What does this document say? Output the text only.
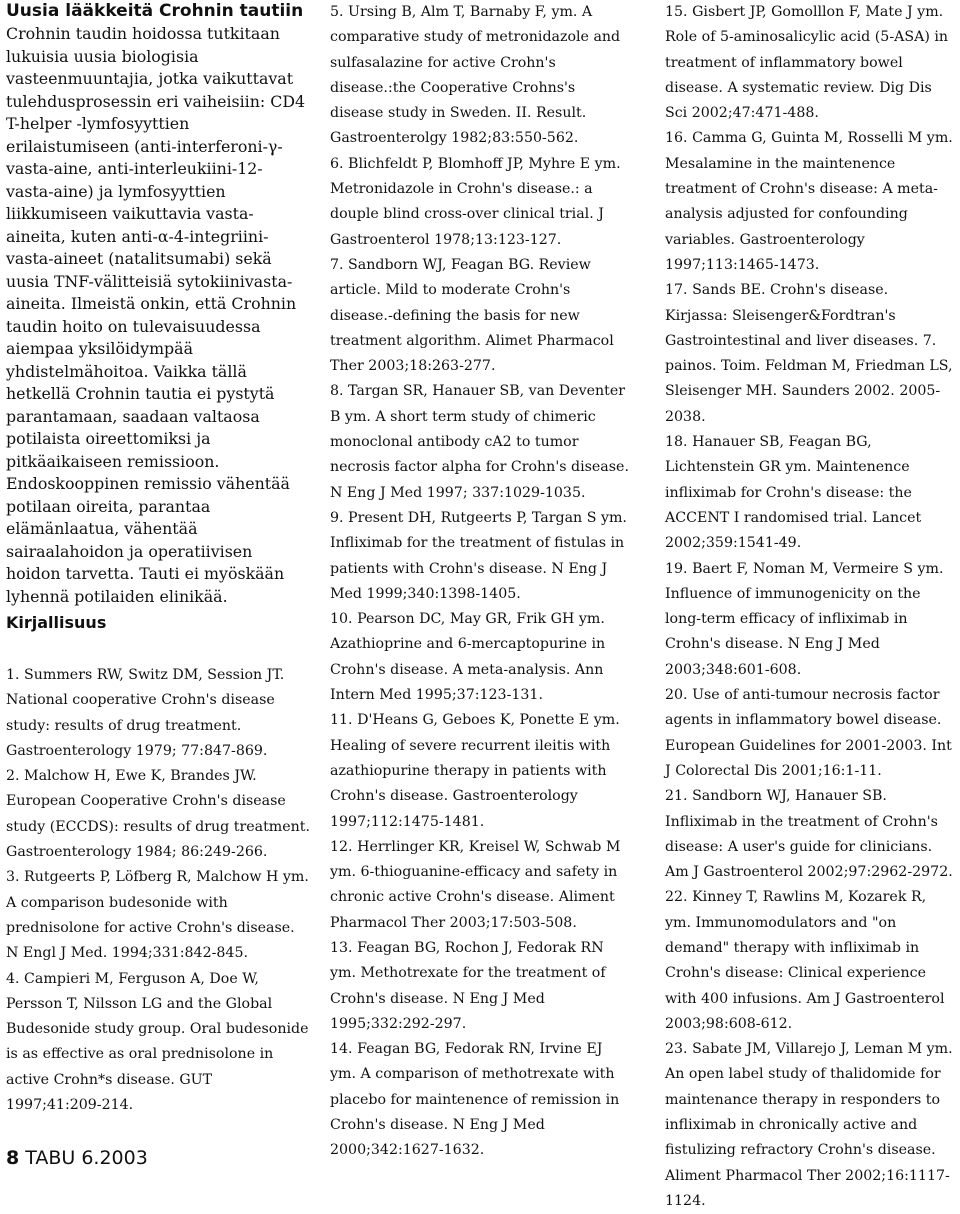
Uusia lääkkeitä Crohnin tautiin

Crohnin taudin hoidossa tutkitaan lukuisia uusia biologisia vasteenmuuntajia, jotka vaikuttavat tulehdusprosessin eri vaiheisiin: CD4 T-helper -lymfosyyttien erilaistumiseen (anti-interferoni-γ-vasta-aine, anti-interleukiini-12-vasta-aine) ja lymfosyyttien liikkumiseen vaikuttavia vasta-aineita, kuten anti-α-4-integriini-vasta-aineet (natalitsumabi) sekä uusia TNF-välitteisiä sytokiinivasta-aineita. Ilmeistä onkin, että Crohnin taudin hoito on tulevaisuudessa aiempaa yksilöidympää yhdistelmähoitoa. Vaikka tällä hetkellä Crohnin tautia ei pystytä parantamaan, saadaan valtaosa potilaista oireettomiksi ja pitkäaikaiseen remissioon. Endoskooppinen remissio vähentää potilaan oireita, parantaa elämänlaatua, vähentää sairaalahoidon ja operatiivisen hoidon tarvetta. Tauti ei myöskään lyhennä potilaiden elinikää.

Kirjallisuus

1. Summers RW, Switz DM, Session JT. National cooperative Crohn's disease study: results of drug treatment. Gastroenterology 1979; 77:847-869.

2. Malchow H, Ewe K, Brandes JW. European Cooperative Crohn's disease study (ECCDS): results of drug treatment. Gastroenterology 1984; 86:249-266.

3. Rutgeerts P, Löfberg R, Malchow H ym. A comparison budesonide with prednisolone for active Crohn's disease. N Engl J Med. 1994;331:842-845.

4. Campieri M, Ferguson A, Doe W, Persson T, Nilsson LG and the Global Budesonide study group. Oral budesonide is as effective as oral prednisolone in active Crohn*s disease. GUT 1997;41:209-214.

5. Ursing B, Alm T, Barnaby F, ym. A comparative study of metronidazole and sulfasalazine for active Crohn's disease.:the Cooperative Crohns's disease study in Sweden. II. Result. Gastroenterolgy 1982;83:550-562.

6. Blichfeldt P, Blomhoff JP, Myhre E ym. Metronidazole in Crohn's disease.: a douple blind cross-over clinical trial. J Gastroenterol 1978;13:123-127.

7. Sandborn WJ, Feagan BG. Review article. Mild to moderate Crohn's disease.-defining the basis for new treatment algorithm. Alimet Pharmacol Ther 2003;18:263-277.

8. Targan SR, Hanauer SB, van Deventer B ym. A short term study of chimeric monoclonal antibody cA2 to tumor necrosis factor alpha for Crohn's disease. N Eng J Med 1997; 337:1029-1035.

9. Present DH, Rutgeerts P, Targan S ym. Infliximab for the treatment of fistulas in patients with Crohn's disease. N Eng J Med 1999;340:1398-1405.

10. Pearson DC, May GR, Frik GH ym. Azathioprine and 6-mercaptopurine in Crohn's disease. A meta-analysis. Ann Intern Med 1995;37:123-131.

11. D'Heans G, Geboes K, Ponette E ym. Healing of severe recurrent ileitis with azathiopurine therapy in patients with Crohn's disease. Gastroenterology 1997;112:1475-1481.

12. Herrlinger KR, Kreisel W, Schwab M ym. 6-thioguanine-efficacy and safety in chronic active Crohn's disease. Aliment Pharmacol Ther 2003;17:503-508.

13. Feagan BG, Rochon J, Fedorak RN ym. Methotrexate for the treatment of Crohn's disease. N Eng J Med 1995;332:292-297.

14. Feagan BG, Fedorak RN, Irvine EJ ym. A comparison of methotrexate with placebo for maintenence of remission in Crohn's disease. N Eng J Med 2000;342:1627-1632.

15. Gisbert JP, Gomolllon F, Mate J ym. Role of 5-aminosalicylic acid (5-ASA) in treatment of inflammatory bowel disease. A systematic review. Dig Dis Sci 2002;47:471-488.

16. Camma G, Guinta M, Rosselli M ym. Mesalamine in the maintenence treatment of Crohn's disease: A meta-analysis adjusted for confounding variables. Gastroenterology 1997;113:1465-1473.

17. Sands BE. Crohn's disease. Kirjassa: Sleisenger&Fordtran's Gastrointestinal and liver diseases. 7. painos. Toim. Feldman M, Friedman LS, Sleisenger MH. Saunders 2002. 2005-2038.

18. Hanauer SB, Feagan BG, Lichtenstein GR ym. Maintenence infliximab for Crohn's disease: the ACCENT I randomised trial. Lancet 2002;359:1541-49.

19. Baert F, Noman M, Vermeire S ym. Influence of immunogenicity on the long-term efficacy of infliximab in Crohn's disease. N Eng J Med 2003;348:601-608.

20. Use of anti-tumour necrosis factor agents in inflammatory bowel disease. European Guidelines for 2001-2003. Int J Colorectal Dis 2001;16:1-11.

21. Sandborn WJ, Hanauer SB. Infliximab in the treatment of Crohn's disease: A user's guide for clinicians. Am J Gastroenterol 2002;97:2962-2972.

22. Kinney T, Rawlins M, Kozarek R, ym. Immunomodulators and "on demand" therapy with infliximab in Crohn's disease: Clinical experience with 400 infusions. Am J Gastroenterol 2003;98:608-612.

23. Sabate JM, Villarejo J, Leman M ym. An open label study of thalidomide for maintenance therapy in responders to infliximab in chronically active and fistulizing refractory Crohn's disease. Aliment Pharmacol Ther 2002;16:1117-1124.

8 TABU 6.2003
